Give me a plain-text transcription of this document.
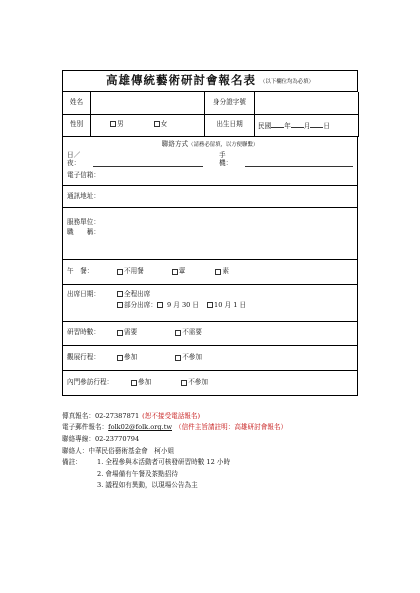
高雄傳統藝術研討會報名表 （以下欄位均為必填）
姓名		身分證字號	
性別	男 女	出生日期	民國 年 月 日
聯絡方式（請務必留填，以方便聯繫）
日／夜：
手　機：
電子信箱：
通訊地址：
服務單位：
職　　稱：
午　餐：	不用餐	葷	素
出席日期：	全程出席
部分出席： 9 月 30 日 10 月 1 日
研習時數：	需要	不需要
觀展行程：	參加	不參加
內門參訪行程：	參加	不參加
傳真報名： 02-27387871 (恕不接受電話報名)
電子郵件報名： folk02@folk.org.tw （信件主旨請註明：高雄研討會報名）
聯絡專線： 02-23770794
聯絡人： 中華民俗藝術基金會　柯小姐
備註：	1. 全程參與本活動者可核發研習時數 12 小時
2. 會場備有午餐及茶點招待
3. 議程如有異動，以現場公告為主
